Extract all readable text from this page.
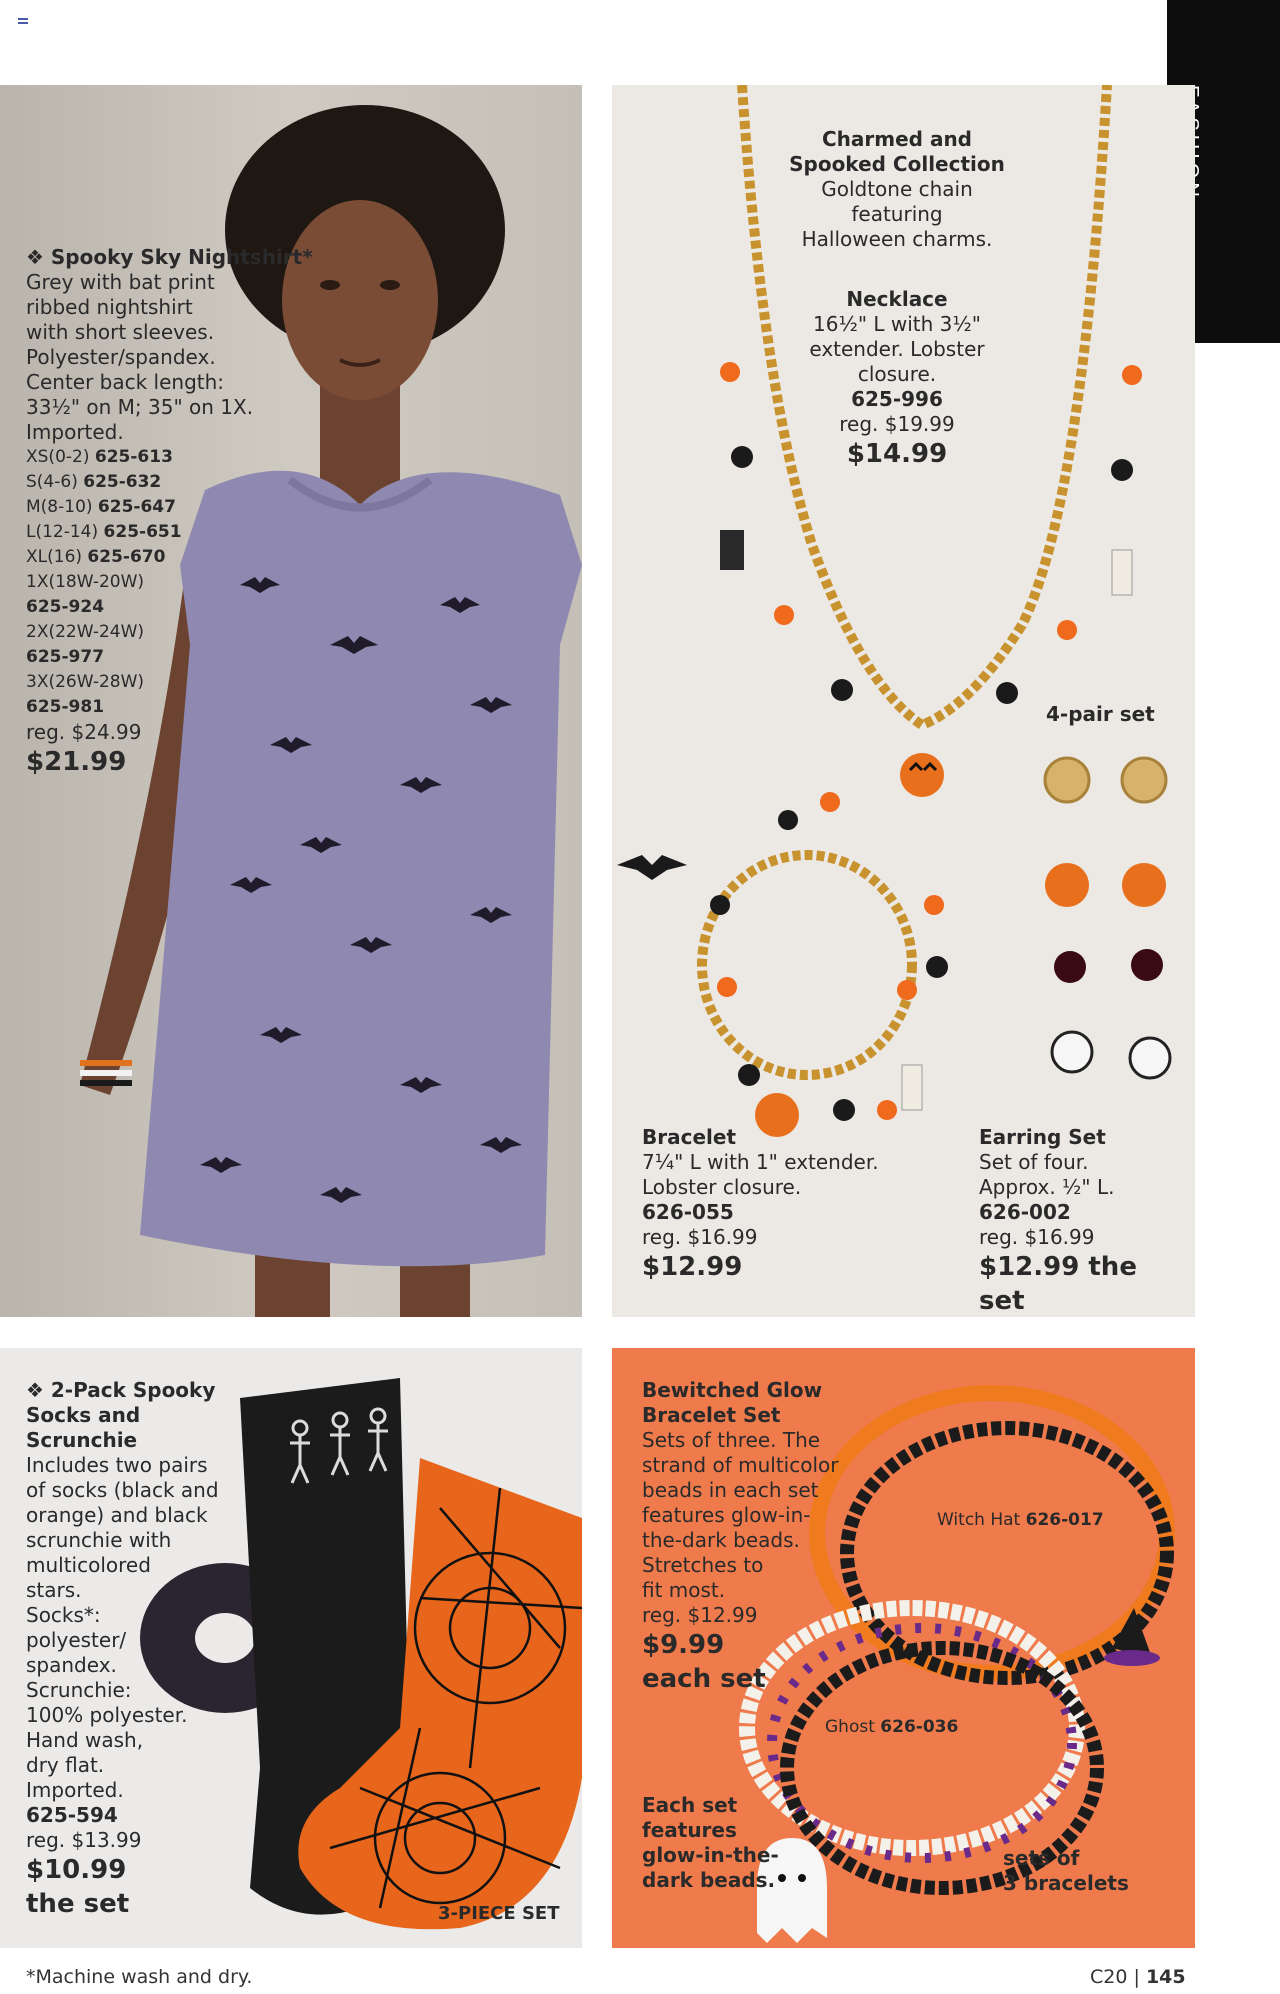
❖ Spooky Sky Nightshirt*
Grey with bat print
ribbed nightshirt
with short sleeves.
Polyester/spandex.
Center back length:
33½" on M; 35" on 1X.
Imported.
XS(0-2) 625-613
S(4-6) 625-632
M(8-10) 625-647
L(12-14) 625-651
XL(16) 625-670
1X(18W-20W)
625-924
2X(22W-24W)
625-977
3X(26W-28W)
625-981
reg. $24.99
$21.99
Charmed and
Spooked Collection
Goldtone chain
featuring
Halloween charms.
Necklace
16½" L with 3½"
extender. Lobster
closure.
625-996
reg. $19.99
$14.99
4-pair set
Bracelet
7¼" L with 1" extender.
Lobster closure.
626-055
reg. $16.99
$12.99
Earring Set
Set of four.
Approx. ½" L.
626-002
reg. $16.99
$12.99 the set
❖ 2-Pack Spooky
Socks and
Scrunchie
Includes two pairs
of socks (black and
orange) and black
scrunchie with
multicolored
stars.
Socks*:
polyester/
spandex.
Scrunchie:
100% polyester.
Hand wash,
dry flat.
Imported.
625-594
reg. $13.99
$10.99
the set	3-PIECE SET
Bewitched Glow
Bracelet Set
Sets of three. The
strand of multicolor
beads in each set
features glow-in-
the-dark beads.
Stretches to
fit most.
reg. $12.99
$9.99
each set
Witch Hat 626-017
Ghost 626-036
Each set
features
glow-in-the-
dark beads.
sets of
3 bracelets
*Machine wash and dry.	C20 | 145
